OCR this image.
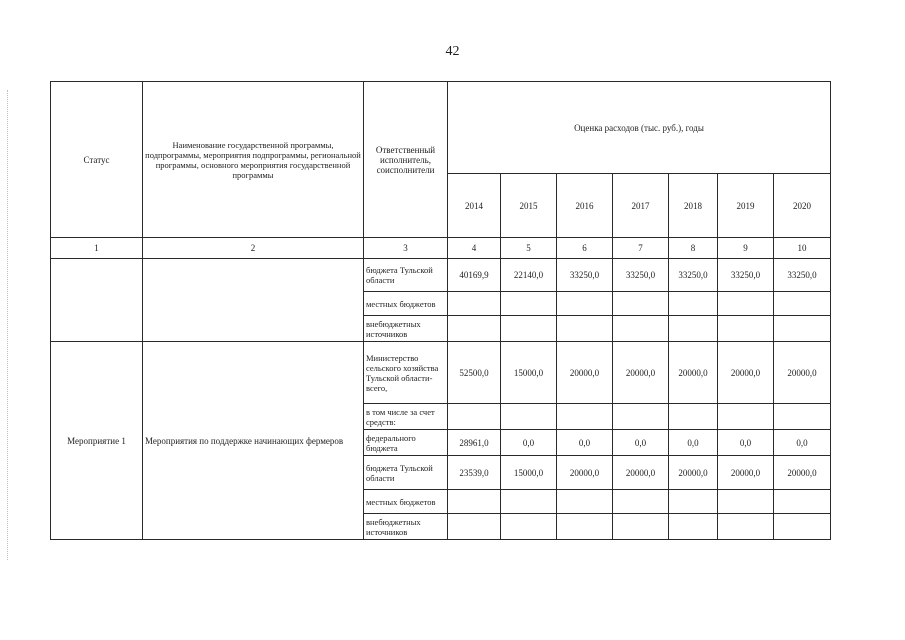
42
Статус	Наименование государственной программы, подпрограммы, мероприятия подпрограммы, региональной программы, основного мероприятия государственной программы	Ответственный исполнитель, соисполнители	Оценка расходов (тыс. руб.), годы						
			2014	2015	2016	2017	2018	2019	2020
1	2	3	4	5	6	7	8	9	10
		бюджета Тульской области	40169,9	22140,0	33250,0	33250,0	33250,0	33250,0	33250,0
		местных бюджетов							
		внебюджетных источников							
Мероприятие 1	Мероприятия по поддержке начинающих фермеров	Министерство сельского хозяйства Тульской области- всего,	52500,0	15000,0	20000,0	20000,0	20000,0	20000,0	20000,0
		в том числе за счет средств:							
		федерального бюджета	28961,0	0,0	0,0	0,0	0,0	0,0	0,0
		бюджета Тульской области	23539,0	15000,0	20000,0	20000,0	20000,0	20000,0	20000,0
		местных бюджетов							
		внебюджетных источников							
